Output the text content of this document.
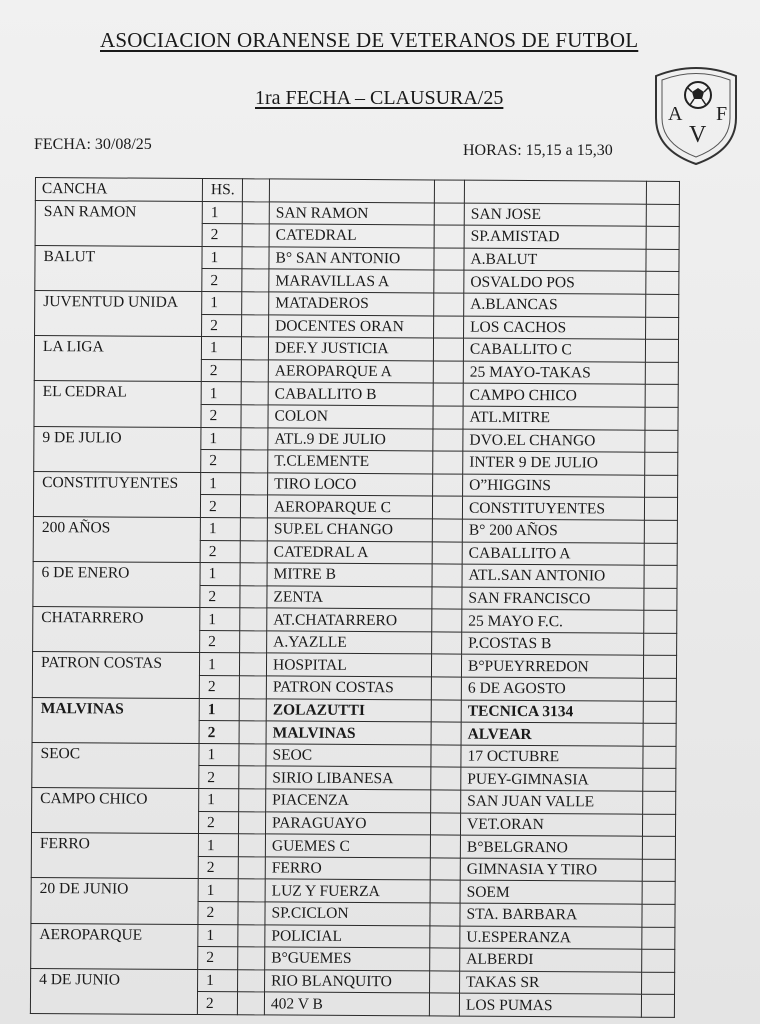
ASOCIACION ORANENSE DE VETERANOS DE FUTBOL
1ra FECHA – CLAUSURA/25
FECHA: 30/08/25	HORAS: 15,15 a 15,30
A F
V
CANCHA	HS.					
SAN RAMON	1		SAN RAMON		SAN JOSE	
	2		CATEDRAL		SP.AMISTAD	
BALUT	1		B° SAN ANTONIO		A.BALUT	
	2		MARAVILLAS A		OSVALDO POS	
JUVENTUD UNIDA	1		MATADEROS		A.BLANCAS	
	2		DOCENTES ORAN		LOS CACHOS	
LA LIGA	1		DEF.Y JUSTICIA		CABALLITO C	
	2		AEROPARQUE A		25 MAYO-TAKAS	
EL CEDRAL	1		CABALLITO B		CAMPO CHICO	
	2		COLON		ATL.MITRE	
9 DE JULIO	1		ATL.9 DE JULIO		DVO.EL CHANGO	
	2		T.CLEMENTE		INTER 9 DE JULIO	
CONSTITUYENTES	1		TIRO LOCO		O”HIGGINS	
	2		AEROPARQUE C		CONSTITUYENTES	
200 AÑOS	1		SUP.EL CHANGO		B° 200 AÑOS	
	2		CATEDRAL A		CABALLITO A	
6 DE ENERO	1		MITRE B		ATL.SAN ANTONIO	
	2		ZENTA		SAN FRANCISCO	
CHATARRERO	1		AT.CHATARRERO		25 MAYO F.C.	
	2		A.YAZLLE		P.COSTAS B	
PATRON COSTAS	1		HOSPITAL		B°PUEYRREDON	
	2		PATRON COSTAS		6 DE AGOSTO	
MALVINAS	1		ZOLAZUTTI		TECNICA 3134	
	2		MALVINAS		ALVEAR	
SEOC	1		SEOC		17 OCTUBRE	
	2		SIRIO LIBANESA		PUEY-GIMNASIA	
CAMPO CHICO	1		PIACENZA		SAN JUAN VALLE	
	2		PARAGUAYO		VET.ORAN	
FERRO	1		GUEMES C		B°BELGRANO	
	2		FERRO		GIMNASIA Y TIRO	
20 DE JUNIO	1		LUZ Y FUERZA		SOEM	
	2		SP.CICLON		STA. BARBARA	
AEROPARQUE	1		POLICIAL		U.ESPERANZA	
	2		B°GUEMES		ALBERDI	
4 DE JUNIO	1		RIO BLANQUITO		TAKAS SR	
	2		402 V B		LOS PUMAS	
